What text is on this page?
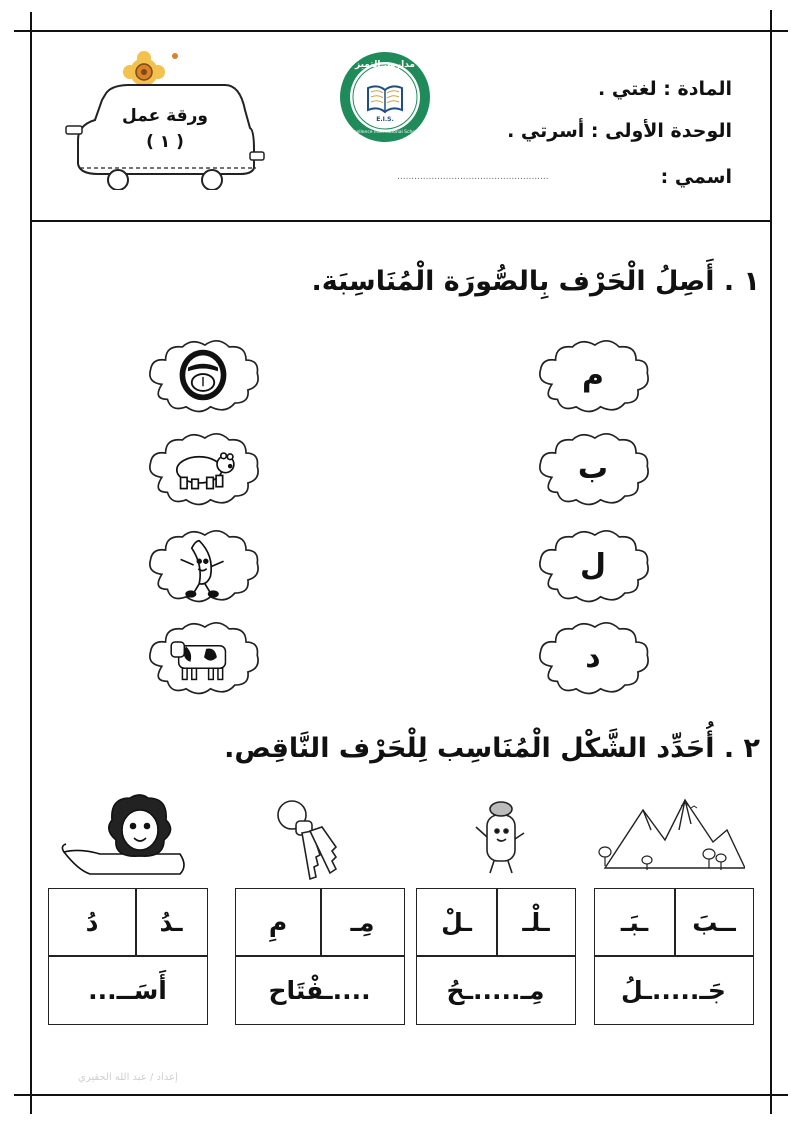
المادة : لغتي .
الوحدة الأولى : أسرتي .
اسمي :
.....................................................
مدارس التميز العالمية
E.I.S.
Excellence International Schools
ورقة عمل
( ١ )
١ . أَصِلُ الْحَرْف بِالصُّورَة الْمُنَاسِبَة.
م
ب
ل
د
٢ . أُحَدِّد الشَّكْل الْمُنَاسِب لِلْحَرْف النَّاقِص.
ــبَ
ـبَـ
جَـ.....ـلُ
ـلْـ
ـلْ
مِـ.....ـحُ
مِـ
مِ
....ـفْتَاح
ـدُ
دُ
أَسَــ...
إعداد / عبد الله الحقيري
